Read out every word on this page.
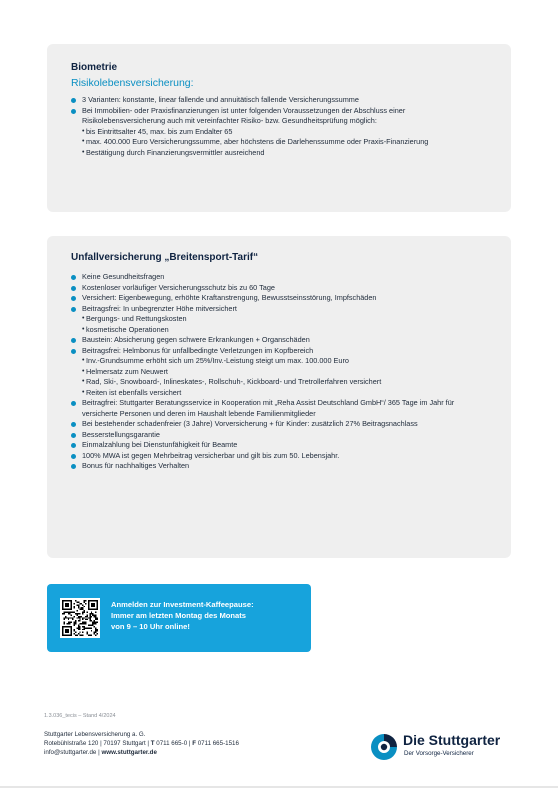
Biometrie
Risikolebensversicherung:
3 Varianten: konstante, linear fallende und annuitätisch fallende Versicherungssumme
Bei Immobilien- oder Praxisfinanzierungen ist unter folgenden Voraussetzungen der Abschluss einer Risikolebensversicherung auch mit vereinfachter Risiko- bzw. Gesundheitsprüfung möglich:
• bis Eintrittsalter 45, max. bis zum Endalter 65
• max. 400.000 Euro Versicherungssumme, aber höchstens die Darlehenssumme oder Praxis-Finanzierung
• Bestätigung durch Finanzierungsvermittler ausreichend
Unfallversicherung „Breitensport-Tarif“
Keine Gesundheitsfragen
Kostenloser vorläufiger Versicherungsschutz bis zu 60 Tage
Versichert: Eigenbewegung, erhöhte Kraftanstrengung, Bewusstseinsstörung, Impfschäden
Beitragsfrei: In unbegrenzter Höhe mitversichert
• Bergungs- und Rettungskosten
• kosmetische Operationen
Baustein: Absicherung gegen schwere Erkrankungen + Organschäden
Beitragsfrei: Helmbonus für unfallbedingte Verletzungen im Kopfbereich
• Inv.-Grundsumme erhöht sich um 25%/Inv.-Leistung steigt um max. 100.000 Euro
• Helmersatz zum Neuwert
• Rad, Ski-, Snowboard-, Inlineskates-, Rollschuh-, Kickboard- und Tretrollerfahren versichert
• Reiten ist ebenfalls versichert
Beitragfrei: Stuttgarter Beratungsservice in Kooperation mit „Reha Assist Deutschland GmbH“/ 365 Tage im Jahr für versicherte Personen und deren im Haushalt lebende Familienmitglieder
Bei bestehender schadenfreier (3 Jahre) Vorversicherung + für Kinder: zusätzlich 27% Beitragsnachlass
Besserstellungsgarantie
Einmalzahlung bei Dienstunfähigkeit für Beamte
100% MWA ist gegen Mehrbeitrag versicherbar und gilt bis zum 50. Lebensjahr.
Bonus für nachhaltiges Verhalten
Anmelden zur Investment-Kaffeepause:
Immer am letzten Montag des Monats
von 9 – 10 Uhr online!
1.3.036_tecis – Stand 4/2024
Stuttgarter Lebensversicherung a. G.
Rotebühlstraße 120 | 70197 Stuttgart | T 0711 665-0 | F 0711 665-1516
info@stuttgarter.de | www.stuttgarter.de
Die Stuttgarter
Der Vorsorge-Versicherer
